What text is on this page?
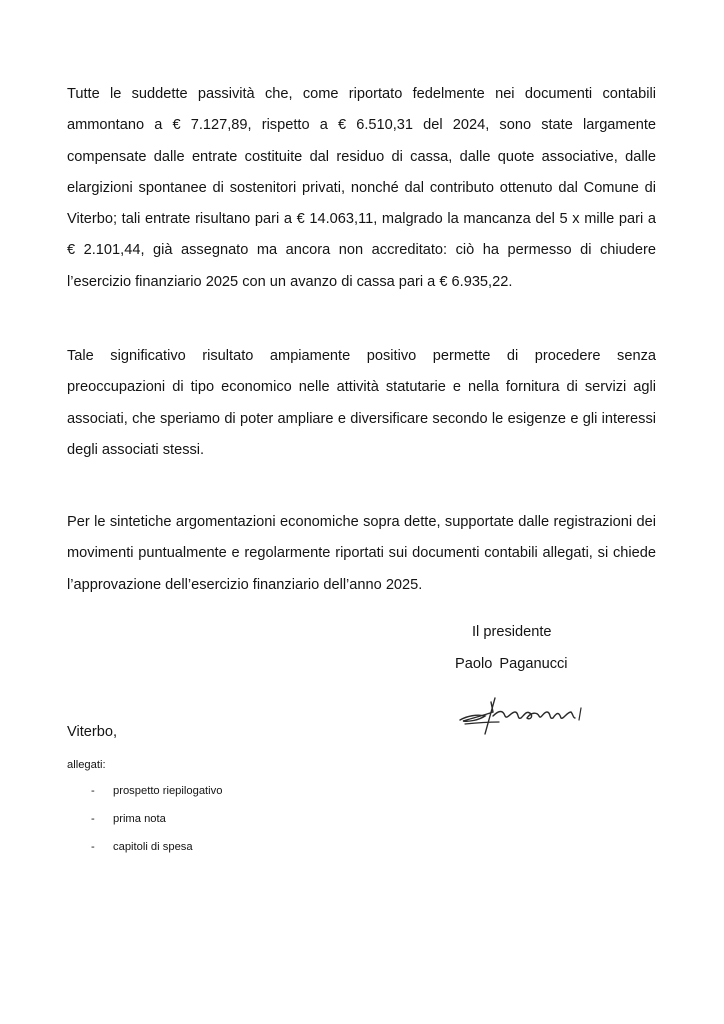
Tutte le suddette passività che, come riportato fedelmente nei documenti contabili
ammontano a € 7.127,89, rispetto a € 6.510,31 del 2024, sono state largamente
compensate dalle entrate costituite dal residuo di cassa, dalle quote associative, dalle
elargizioni spontanee di sostenitori privati, nonché dal contributo ottenuto dal Comune di
Viterbo; tali entrate risultano pari a € 14.063,11, malgrado la mancanza del 5 x mille pari a
€ 2.101,44, già assegnato ma ancora non accreditato: ciò ha permesso di chiudere
l’esercizio finanziario 2025 con un avanzo di cassa pari a € 6.935,22.
Tale significativo risultato ampiamente positivo permette di procedere senza
preoccupazioni di tipo economico nelle attività statutarie e nella fornitura di servizi agli
associati, che speriamo di poter ampliare e diversificare secondo le esigenze e gli interessi
degli associati stessi.
Per le sintetiche argomentazioni economiche sopra dette, supportate dalle registrazioni dei
movimenti puntualmente e regolarmente riportati sui documenti contabili allegati, si chiede
l’approvazione dell’esercizio finanziario dell’anno 2025.
Il presidente
Paolo Paganucci
Viterbo,
allegati:
- prospetto riepilogativo
- prima nota
- capitoli di spesa
